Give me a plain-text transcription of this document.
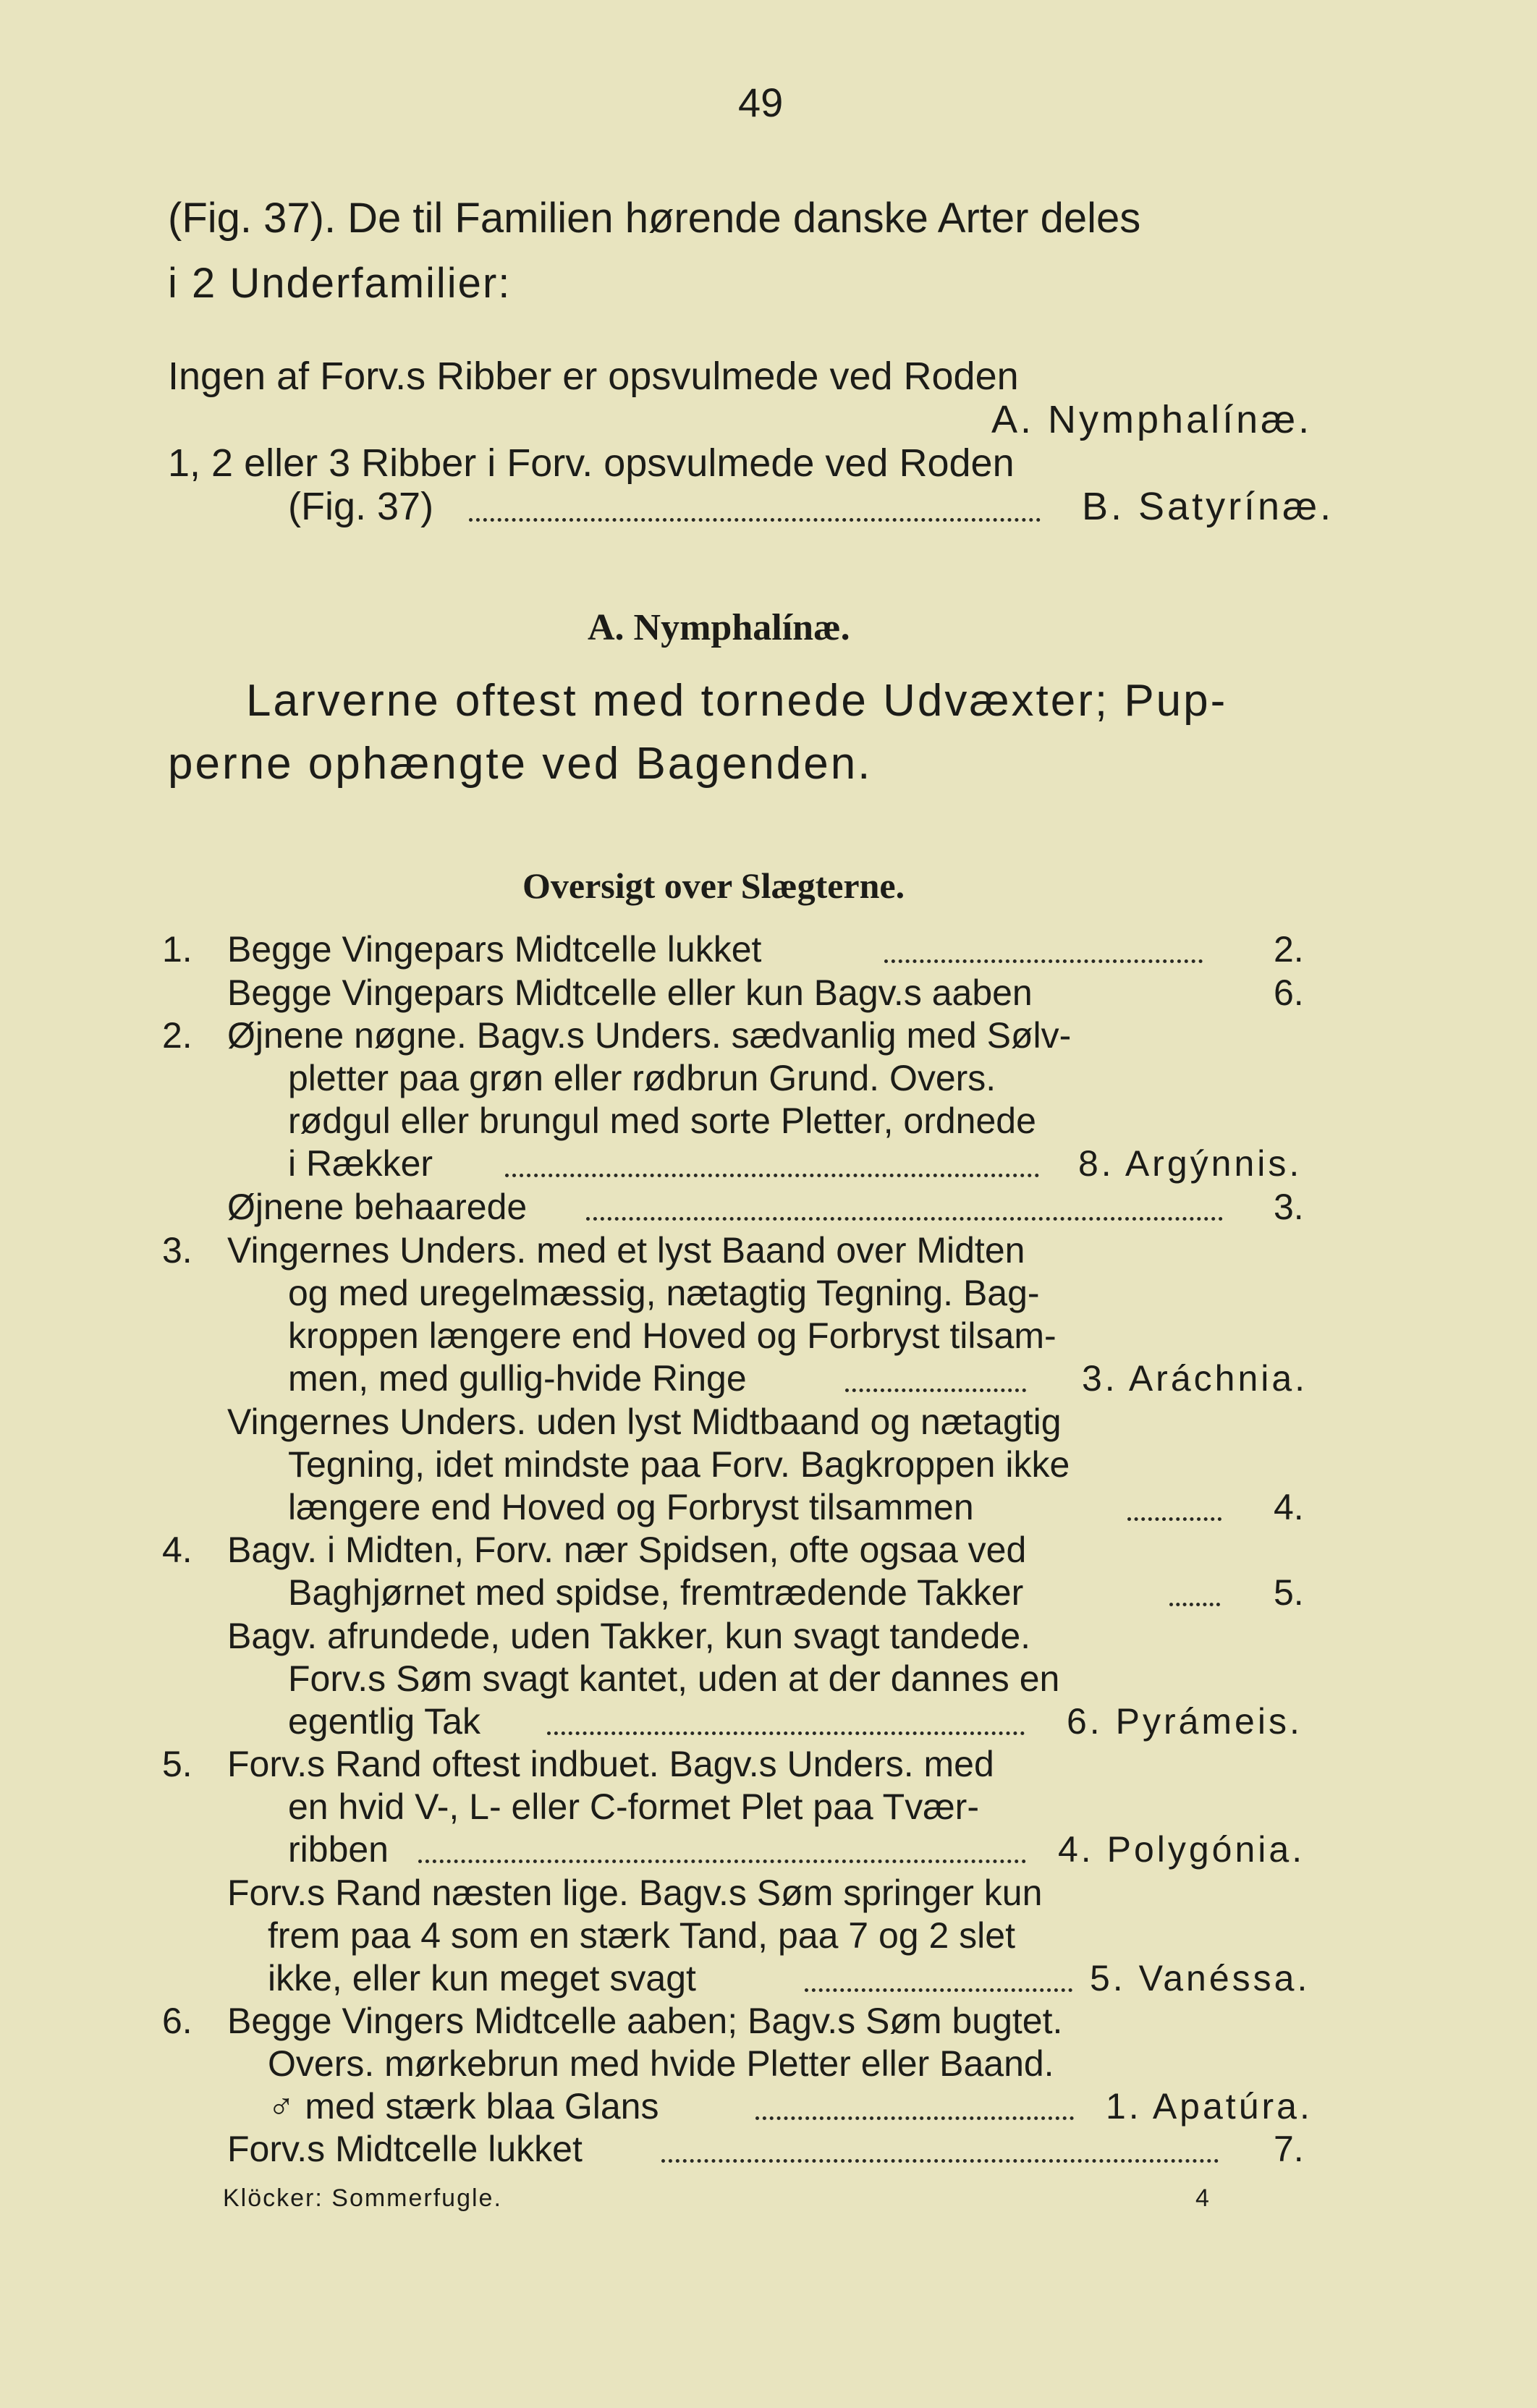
49
(Fig. 37). De til Familien hørende danske Arter deles
i 2 Underfamilier:
Ingen af Forv.s Ribber er opsvulmede ved Roden
A. Nymphalínæ.
1, 2 eller 3 Ribber i Forv. opsvulmede ved Roden
(Fig. 37)	B. Satyrínæ.
A. Nymphalínæ.
Larverne oftest med tornede Udvæxter; Pup-
perne ophængte ved Bagenden.
Oversigt over Slægterne.
1. Begge Vingepars Midtcelle lukket	2.
Begge Vingepars Midtcelle eller kun Bagv.s aaben	6.
2. Øjnene nøgne. Bagv.s Unders. sædvanlig med Sølv-
pletter paa grøn eller rødbrun Grund. Overs.
rødgul eller brungul med sorte Pletter, ordnede
i Rækker	8. Argýnnis.
Øjnene behaarede	3.
3. Vingernes Unders. med et lyst Baand over Midten
og med uregelmæssig, nætagtig Tegning. Bag-
kroppen længere end Hoved og Forbryst tilsam-
men, med gullig-hvide Ringe	3. Aráchnia.
Vingernes Unders. uden lyst Midtbaand og nætagtig
Tegning, idet mindste paa Forv. Bagkroppen ikke
længere end Hoved og Forbryst tilsammen	4.
4. Bagv. i Midten, Forv. nær Spidsen, ofte ogsaa ved
Baghjørnet med spidse, fremtrædende Takker	5.
Bagv. afrundede, uden Takker, kun svagt tandede.
Forv.s Søm svagt kantet, uden at der dannes en
egentlig Tak	6. Pyrámeis.
5. Forv.s Rand oftest indbuet. Bagv.s Unders. med
en hvid V-, L- eller C-formet Plet paa Tvær-
ribben	4. Polygónia.
Forv.s Rand næsten lige. Bagv.s Søm springer kun
frem paa 4 som en stærk Tand, paa 7 og 2 slet
ikke, eller kun meget svagt	5. Vanéssa.
6. Begge Vingers Midtcelle aaben; Bagv.s Søm bugtet.
Overs. mørkebrun med hvide Pletter eller Baand.
♂ med stærk blaa Glans	1. Apatúra.
Forv.s Midtcelle lukket	7.
Klöcker: Sommerfugle.	4
